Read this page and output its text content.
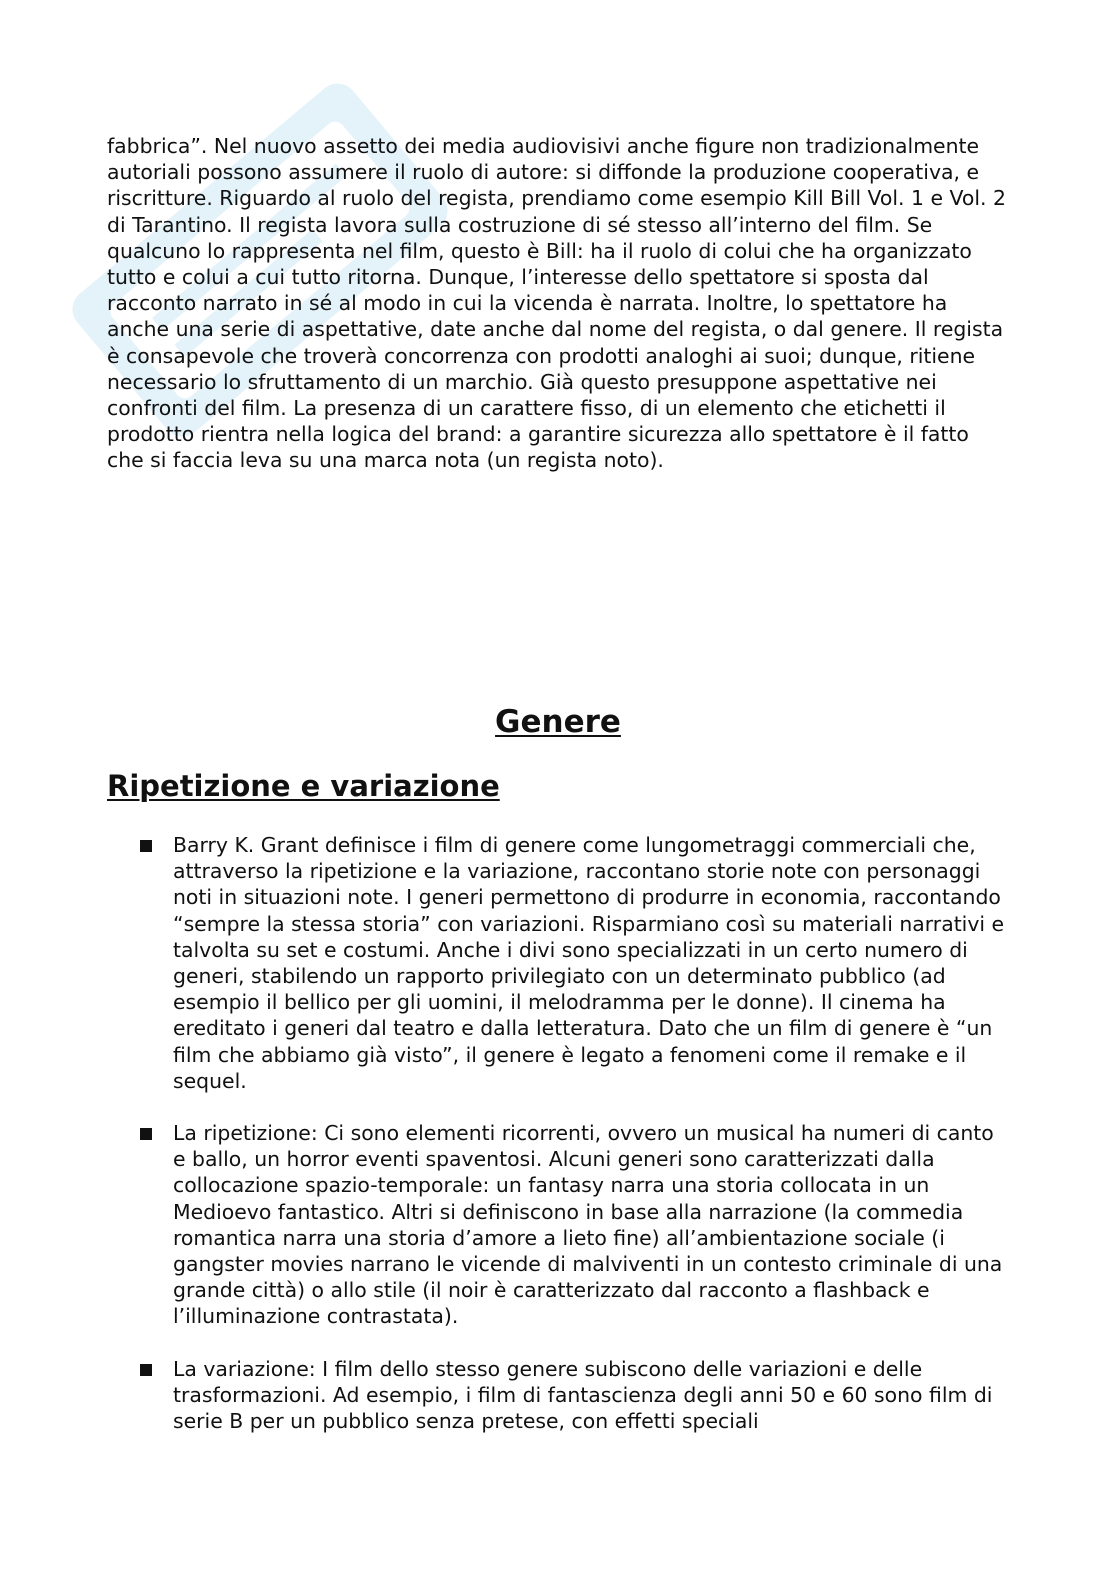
fabbrica”. Nel nuovo assetto dei media audiovisivi anche figure non tradizionalmente autoriali possono assumere il ruolo di autore: si diffonde la produzione cooperativa, e riscritture. Riguardo al ruolo del regista, prendiamo come esempio Kill Bill Vol. 1 e Vol. 2 di Tarantino. Il regista lavora sulla costruzione di sé stesso all’interno del film. Se qualcuno lo rappresenta nel film, questo è Bill: ha il ruolo di colui che ha organizzato tutto e colui a cui tutto ritorna. Dunque, l’interesse dello spettatore si sposta dal racconto narrato in sé al modo in cui la vicenda è narrata. Inoltre, lo spettatore ha anche una serie di aspettative, date anche dal nome del regista, o dal genere. Il regista è consapevole che troverà concorrenza con prodotti analoghi ai suoi; dunque, ritiene necessario lo sfruttamento di un marchio. Già questo presuppone aspettative nei confronti del film. La presenza di un carattere fisso, di un elemento che etichetti il prodotto rientra nella logica del brand: a garantire sicurezza allo spettatore è il fatto che si faccia leva su una marca nota (un regista noto).

Genere
Ripetizione e variazione
Barry K. Grant definisce i film di genere come lungometraggi commerciali che, attraverso la ripetizione e la variazione, raccontano storie note con personaggi noti in situazioni note. I generi permettono di produrre in economia, raccontando “sempre la stessa storia” con variazioni. Risparmiano così su materiali narrativi e talvolta su set e costumi. Anche i divi sono specializzati in un certo numero di generi, stabilendo un rapporto privilegiato con un determinato pubblico (ad esempio il bellico per gli uomini, il melodramma per le donne). Il cinema ha ereditato i generi dal teatro e dalla letteratura. Dato che un film di genere è “un film che abbiamo già visto”, il genere è legato a fenomeni come il remake e il sequel.
La ripetizione: Ci sono elementi ricorrenti, ovvero un musical ha numeri di canto e ballo, un horror eventi spaventosi. Alcuni generi sono caratterizzati dalla collocazione spazio-temporale: un fantasy narra una storia collocata in un Medioevo fantastico. Altri si definiscono in base alla narrazione (la commedia romantica narra una storia d’amore a lieto fine) all’ambientazione sociale (i gangster movies narrano le vicende di malviventi in un contesto criminale di una grande città) o allo stile (il noir è caratterizzato dal racconto a flashback e l’illuminazione contrastata).
La variazione: I film dello stesso genere subiscono delle variazioni e delle trasformazioni. Ad esempio, i film di fantascienza degli anni 50 e 60 sono film di serie B per un pubblico senza pretese, con effetti speciali
